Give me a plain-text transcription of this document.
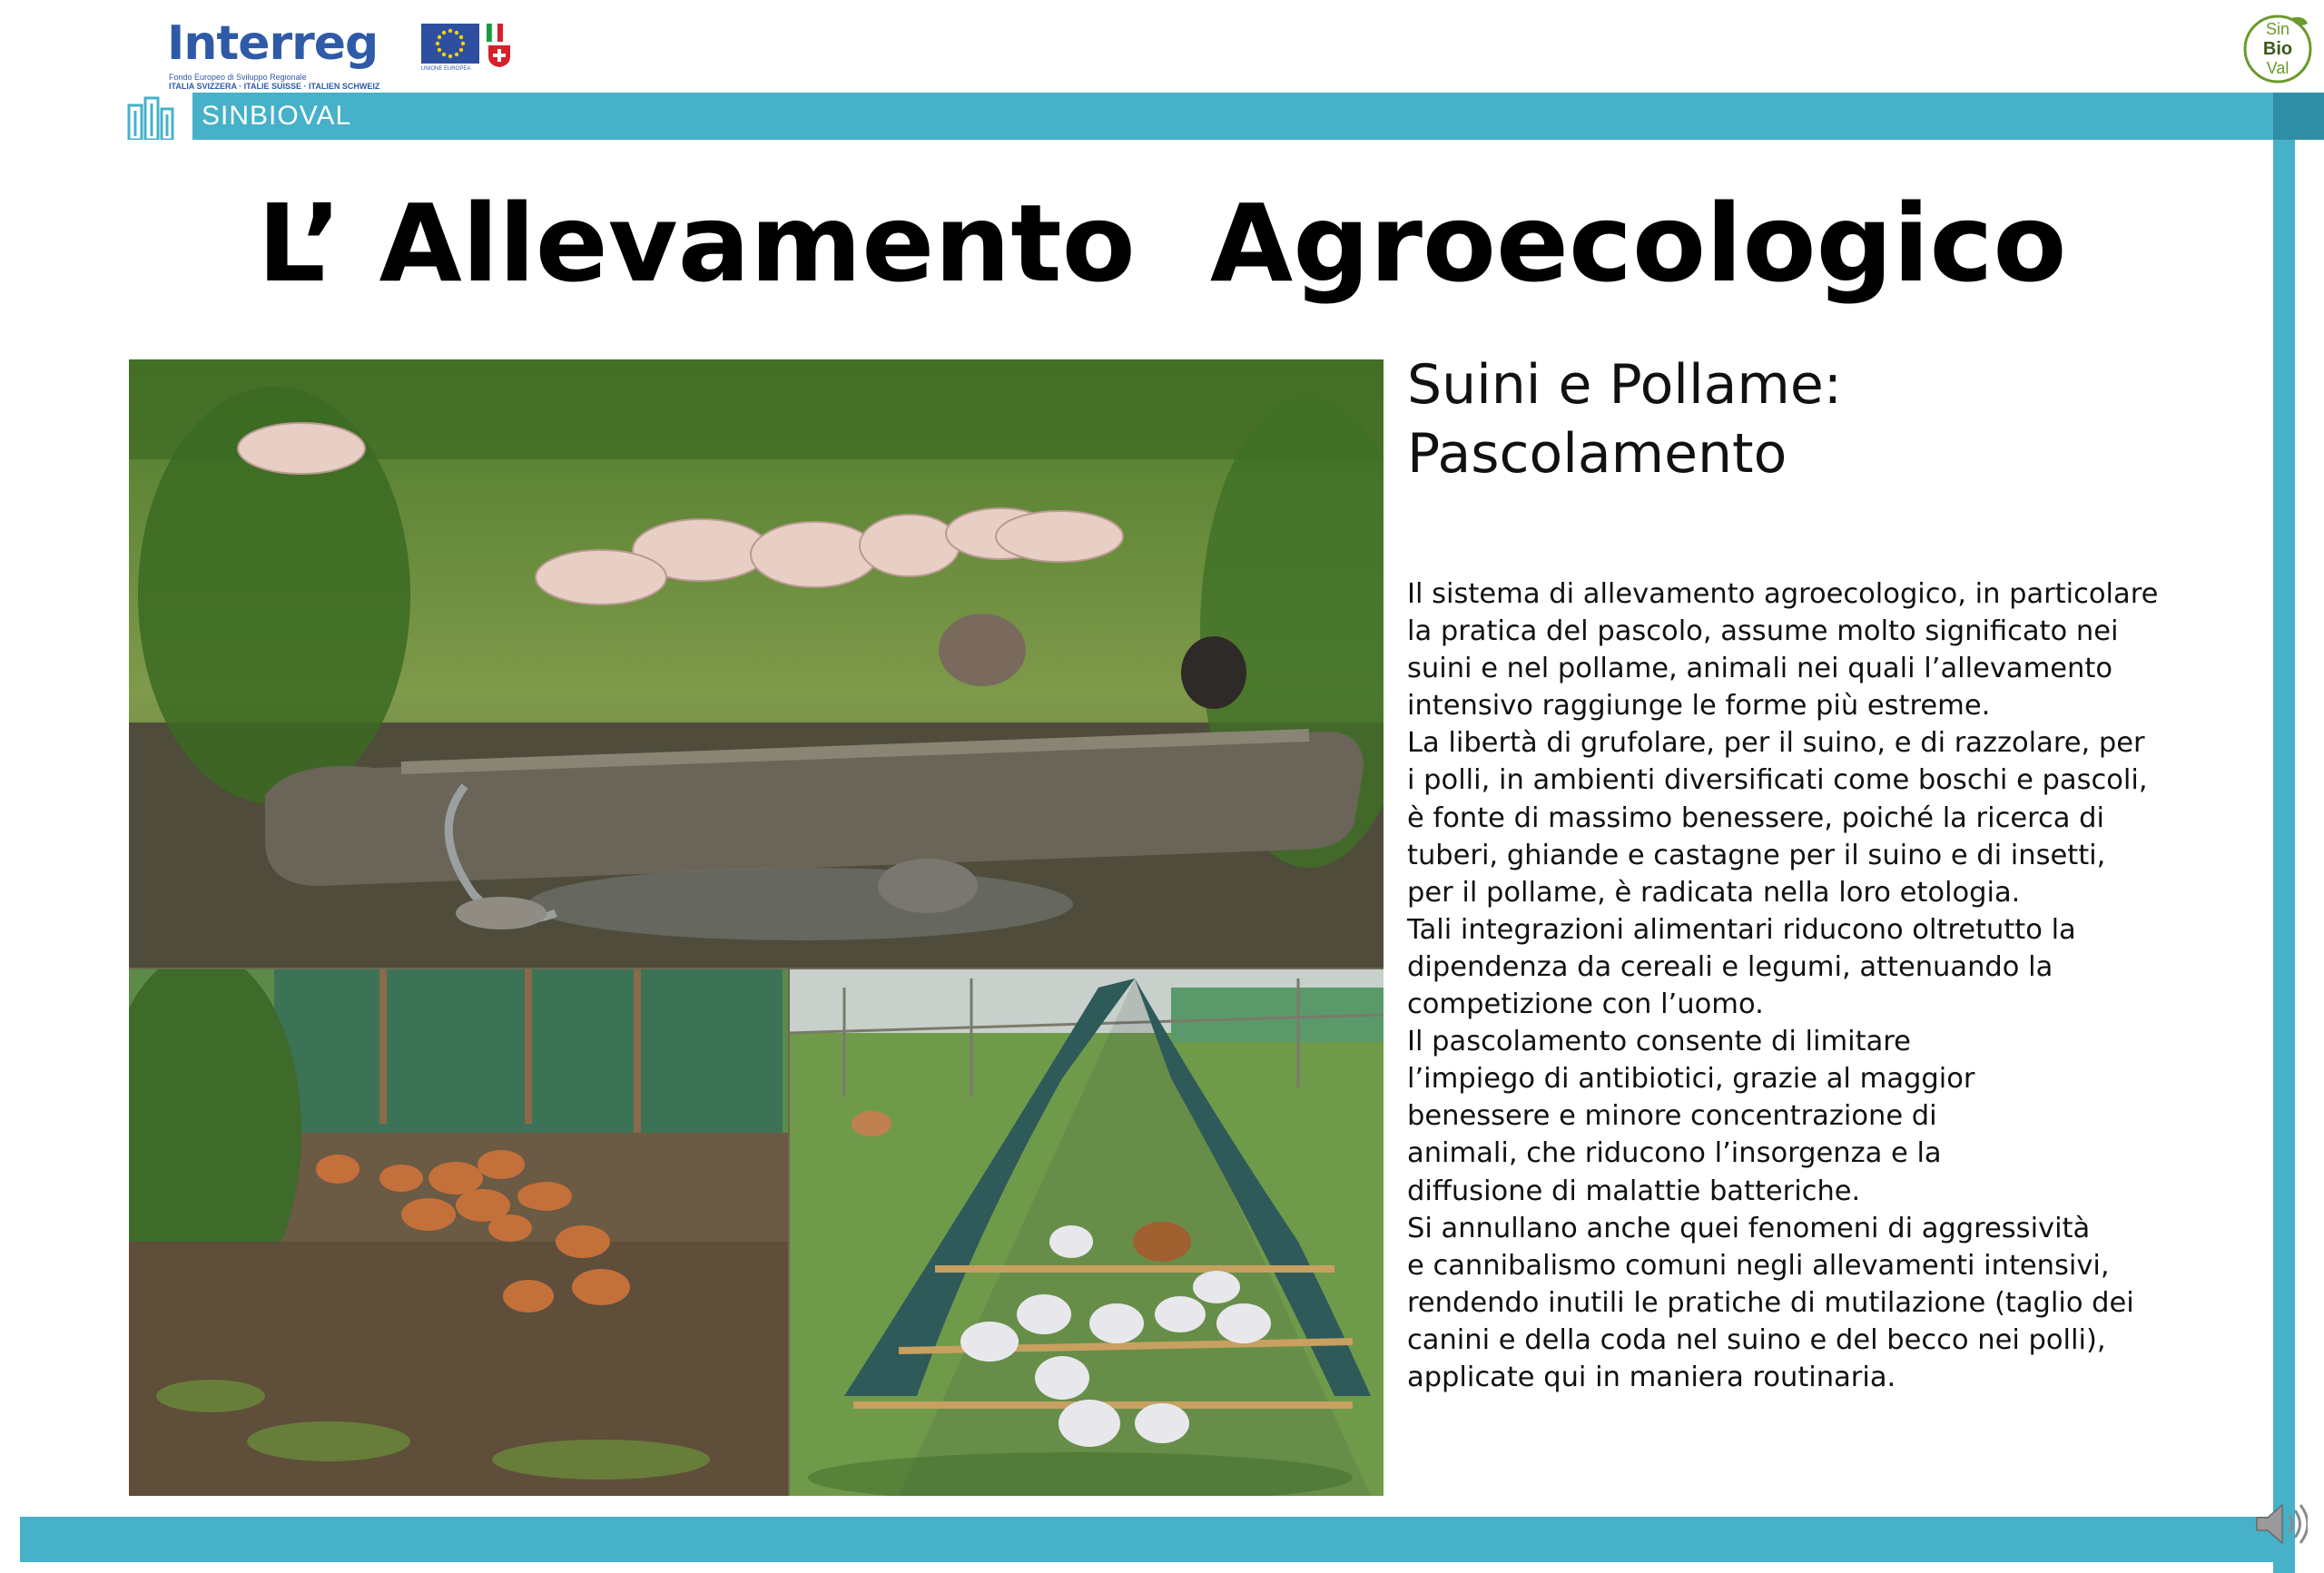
Interreg	UNIONE EUROPEA
Fondo Europeo di Sviluppo Regionale
ITALIA SVIZZERA · ITALIE SUISSE · ITALIEN SCHWEIZ
Sin
Bio
Val
SINBIOVAL
L’ Allevamento  Agroecologico
Suini e Pollame:
Pascolamento
Il sistema di allevamento agroecologico, in particolare
la pratica del pascolo, assume molto significato nei
suini e nel pollame, animali nei quali l’allevamento
intensivo raggiunge le forme più estreme.
La libertà di grufolare, per il suino, e di razzolare, per
i polli, in ambienti diversificati come boschi e pascoli,
è fonte di massimo benessere, poiché la ricerca di
tuberi, ghiande e castagne per il suino e di insetti,
per il pollame, è radicata nella loro etologia.
Tali integrazioni alimentari riducono oltretutto la
dipendenza da cereali e legumi, attenuando la
competizione con l’uomo.
Il pascolamento consente di limitare
l’impiego di antibiotici, grazie al maggior
benessere e minore concentrazione di
animali, che riducono l’insorgenza e la
diffusione di malattie batteriche.
Si annullano anche quei fenomeni di aggressività
e cannibalismo comuni negli allevamenti intensivi,
rendendo inutili le pratiche di mutilazione (taglio dei
canini e della coda nel suino e del becco nei polli),
applicate qui in maniera routinaria.
